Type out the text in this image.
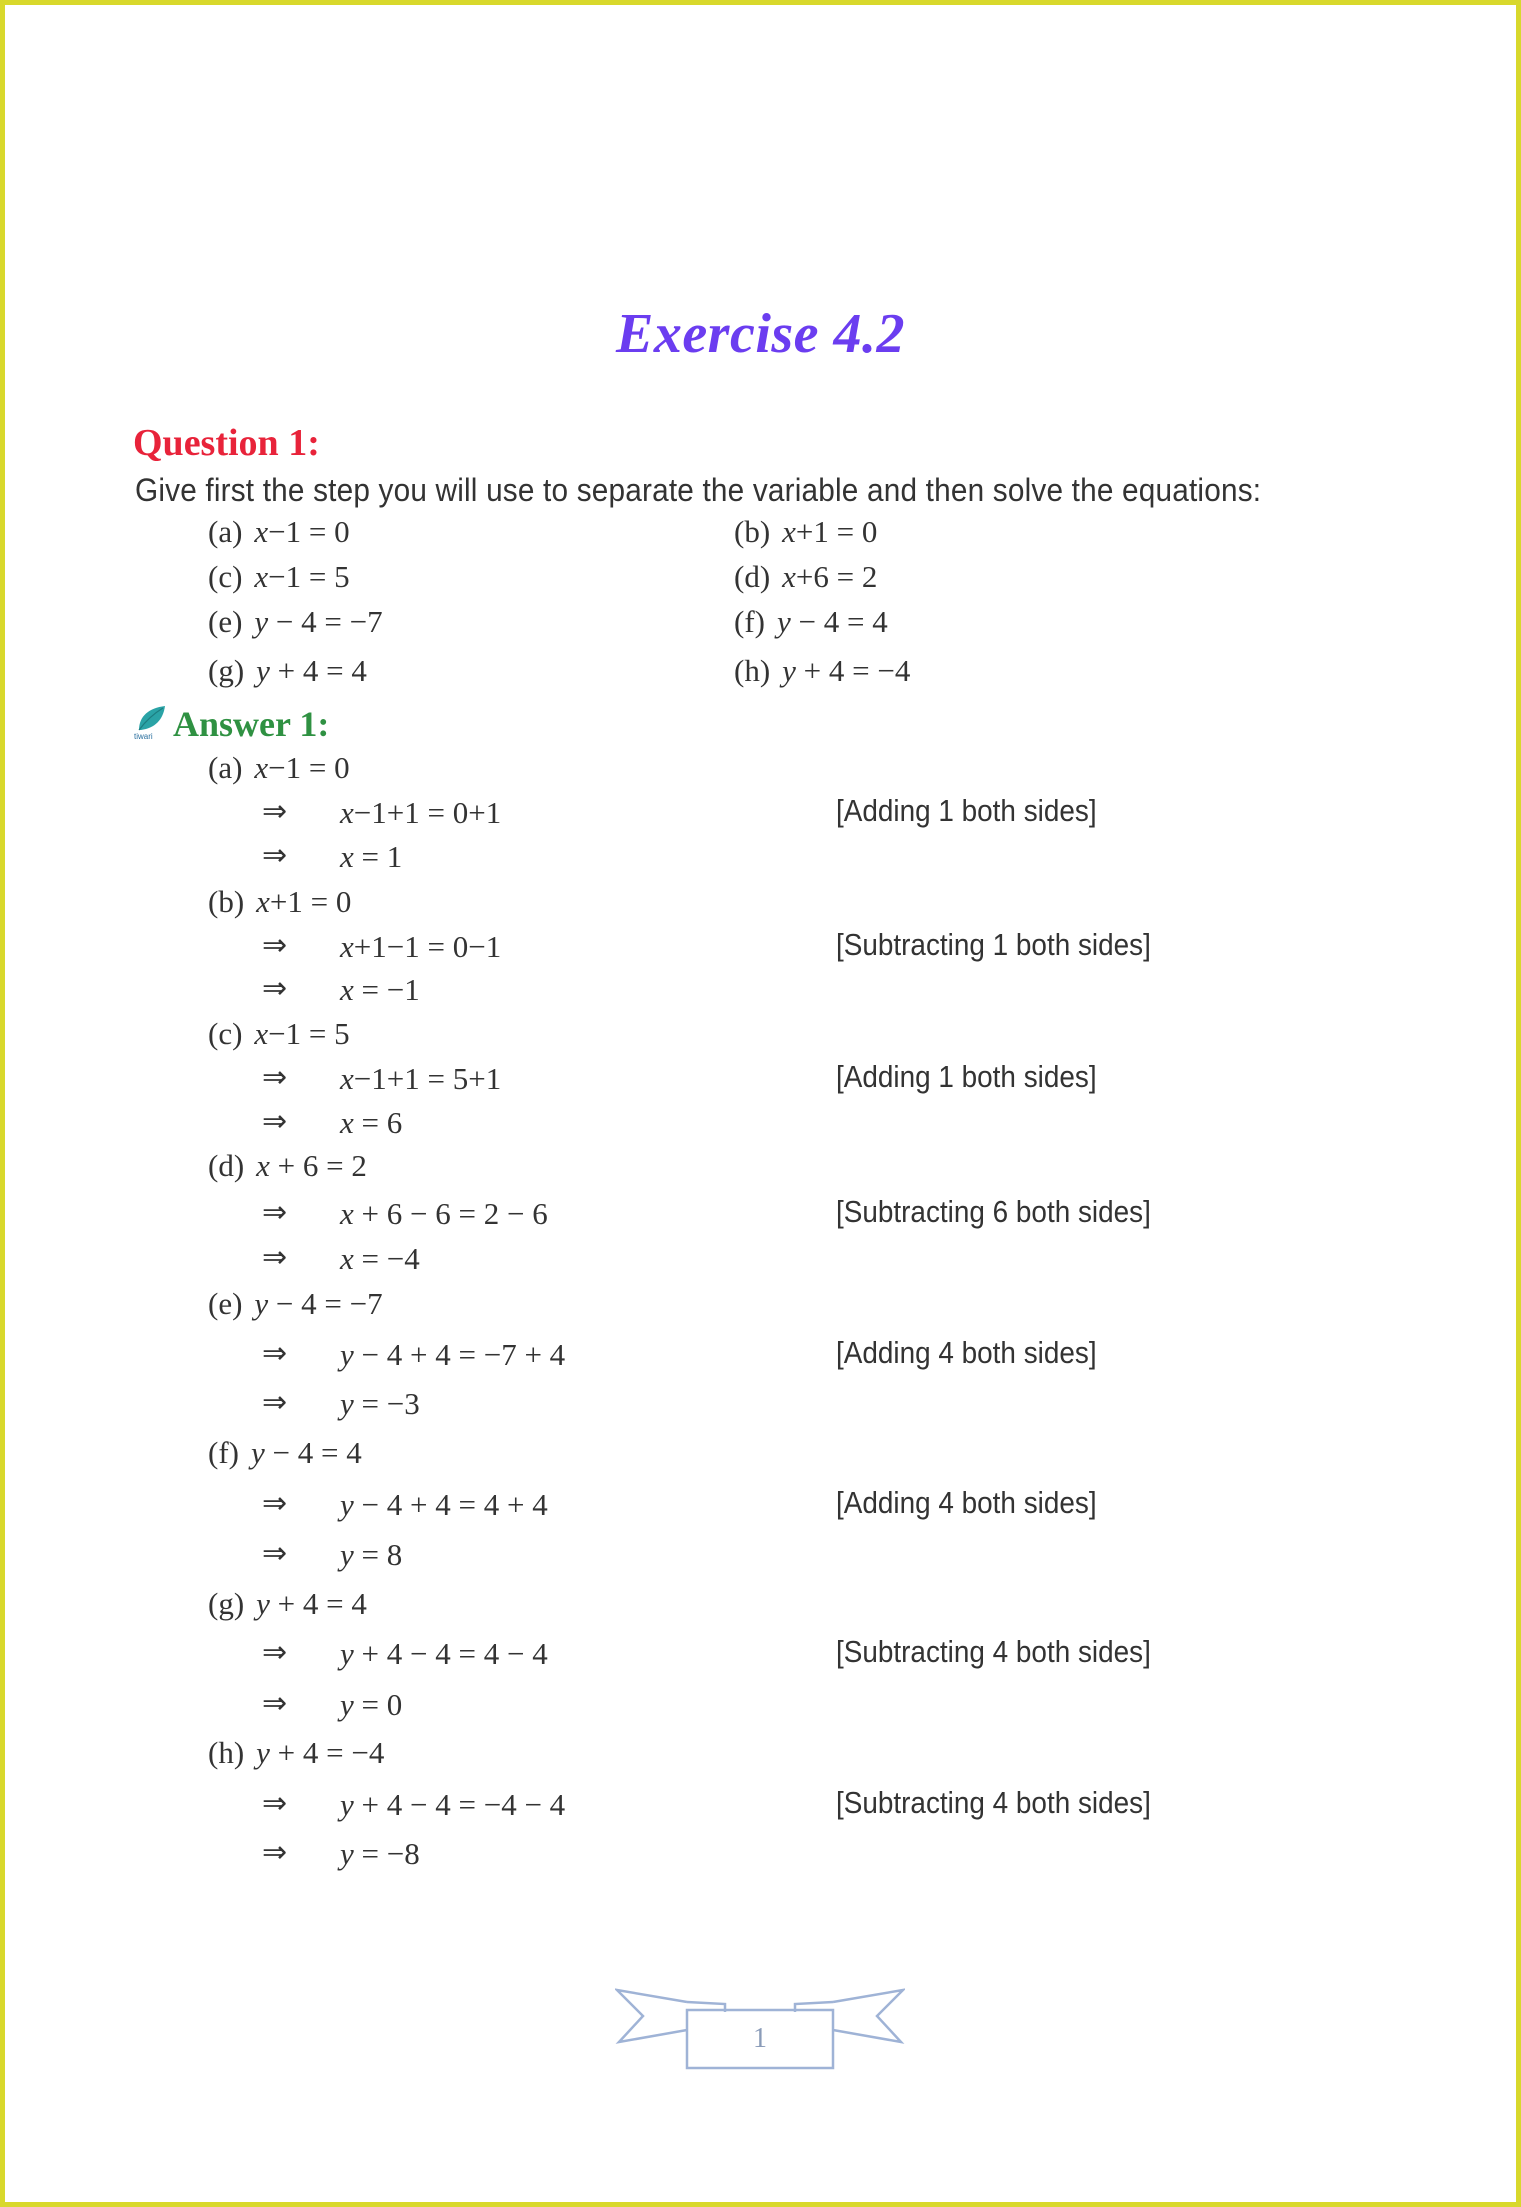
Exercise 4.2
Question 1:
Give first the step you will use to separate the variable and then solve the equations:
(a) x−1 = 0	(b) x+1 = 0
(c) x−1 = 5	(d) x+6 = 2
(e) y − 4 = −7	(f) y − 4 = 4
(g) y + 4 = 4	(h) y + 4 = −4
tiwari Answer 1:
(a) x−1 = 0
⇒ x−1+1 = 0+1	[Adding 1 both sides]
⇒ x = 1
(b) x+1 = 0
⇒ x+1−1 = 0−1	[Subtracting 1 both sides]
⇒ x = −1
(c) x−1 = 5
⇒ x−1+1 = 5+1	[Adding 1 both sides]
⇒ x = 6
(d) x + 6 = 2
⇒ x + 6 − 6 = 2 − 6	[Subtracting 6 both sides]
⇒ x = −4
(e) y − 4 = −7
⇒ y − 4 + 4 = −7 + 4	[Adding 4 both sides]
⇒ y = −3
(f) y − 4 = 4
⇒ y − 4 + 4 = 4 + 4	[Adding 4 both sides]
⇒ y = 8
(g) y + 4 = 4
⇒ y + 4 − 4 = 4 − 4	[Subtracting 4 both sides]
⇒ y = 0
(h) y + 4 = −4
⇒ y + 4 − 4 = −4 − 4	[Subtracting 4 both sides]
⇒ y = −8
1
